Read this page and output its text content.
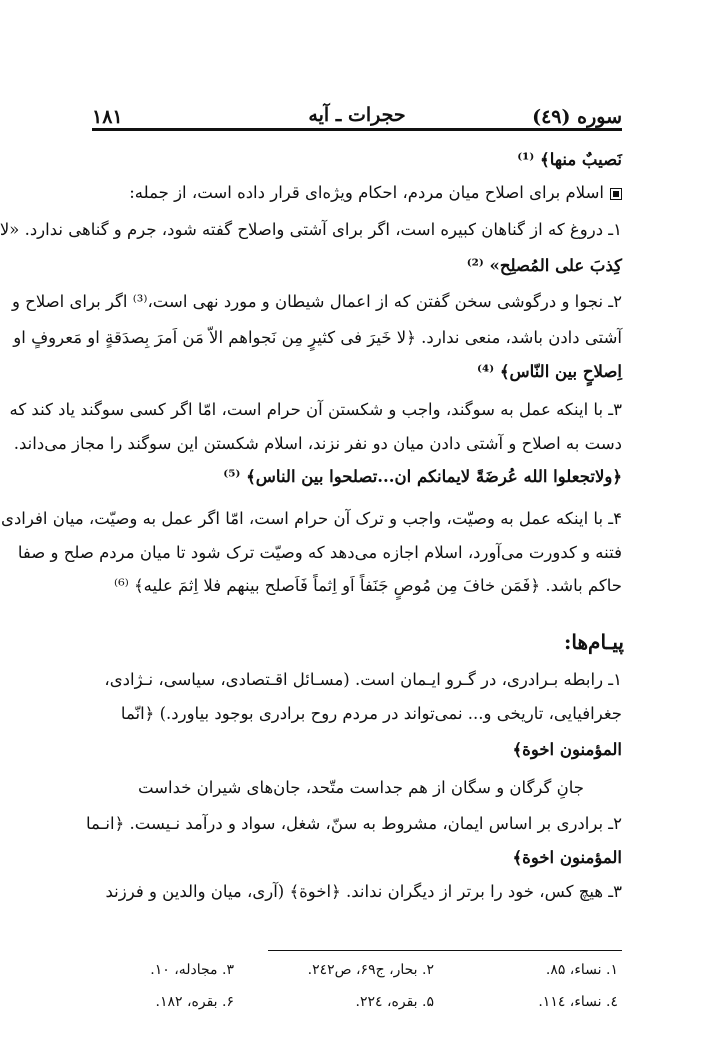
سوره (٤٩)
حجرات ـ آیه
۱۸۱
نَصیبٌ منها﴾ ⁽¹⁾
اسلام برای اصلاح میان مردم، احکام ویژه‌ای قرار داده است، از جمله:
۱ـ دروغ که از گناهان کبیره است، اگر برای آشتی واصلاح گفته شود، جرم و گناهی ندارد. «لا
کِذبَ علی المُصلِح» ⁽²⁾
۲ـ نجوا و درگوشی سخن گفتن که از اعمال شیطان و مورد نهی است،⁽³⁾ اگر برای اصلاح و
آشتی دادن باشد، منعی ندارد. ﴿لا خَیرَ فی کثیرٍ مِن نَجواهم الاّ مَن اَمرَ بِصدَقةٍ او مَعروفٍ او
اِصلاحٍ بین النّاس﴾ ⁽⁴⁾
۳ـ با اینکه عمل به سوگند، واجب و شکستن آن حرام است، امّا اگر کسی سوگند یاد کند که
دست به اصلاح و آشتی دادن میان دو نفر نزند، اسلام شکستن این سوگند را مجاز می‌داند.
﴿ولاتجعلوا الله عُرضَةً لایمانکم ان...تصلحوا بین الناس﴾ ⁽⁵⁾
۴ـ با اینکه عمل به وصیّت، واجب و ترک آن حرام است، امّا اگر عمل به وصیّت، میان افرادی
فتنه و کدورت می‌آورد، اسلام اجازه می‌دهد که وصیّت ترک شود تا میان مردم صلح و صفا
حاکم باشد. ﴿فَمَن خافَ مِن مُوصٍ جَنَفاً اَو اِثماً فَاَصلح بینهم فلا اِثمَ علیه﴾ ⁽⁶⁾
پیـام‌ها:
۱ـ رابطه بـرادری، در گـرو ایـمان است. (مسـائل اقـتصادی، سیاسی، نـژادی،
جغرافیایی، تاریخی و... نمی‌تواند در مردم روح برادری بوجود بیاورد.) ﴿انّما
المؤمنون اخوة﴾
جانِ گرگان و سگان از هم جداست متّحد، جان‌های شیران خداست
۲ـ برادری بر اساس ایمان، مشروط به سنّ، شغل، سواد و درآمد نـیست. ﴿انـما
المؤمنون اخوة﴾
۳ـ هیچ کس، خود را برتر از دیگران نداند. ﴿اخوة﴾ (آری، میان والدین و فرزند
۱. نساء، ۸۵.
۲. بحار، ج۶۹، ص۲٤۲.
۳. مجادله، ۱۰.
٤. نساء، ۱۱٤.
۵. بقره، ۲۲٤.
۶. بقره، ۱۸۲.
